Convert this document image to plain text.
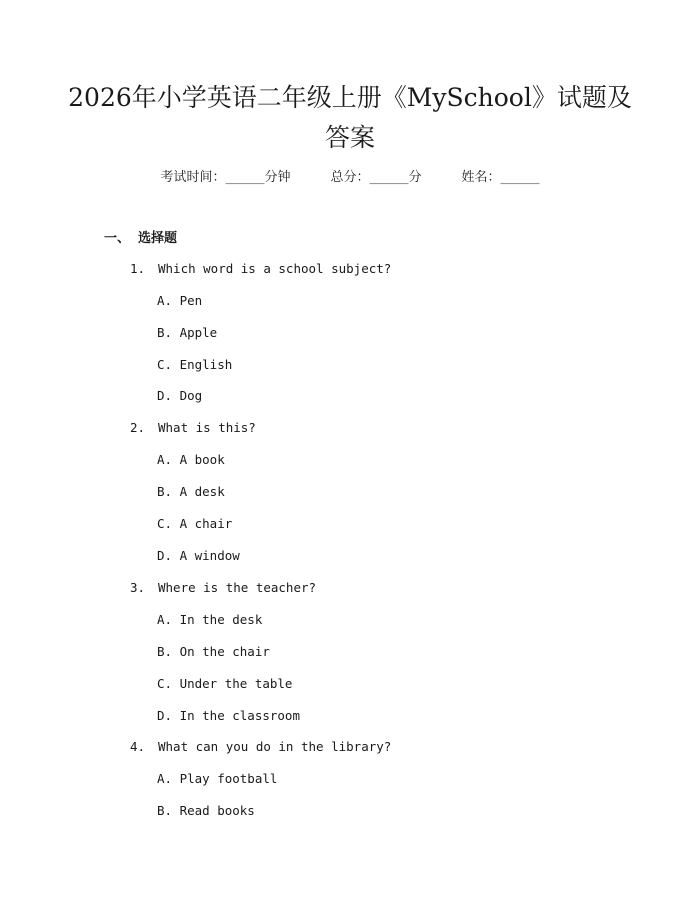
2026年小学英语二年级上册《MySchool》试题及答案
考试时间：______分钟	总分：______分	姓名：______
一、 选择题
1. Which word is a school subject?
A. Pen
B. Apple
C. English
D. Dog
2. What is this?
A. A book
B. A desk
C. A chair
D. A window
3. Where is the teacher?
A. In the desk
B. On the chair
C. Under the table
D. In the classroom
4. What can you do in the library?
A. Play football
B. Read books
